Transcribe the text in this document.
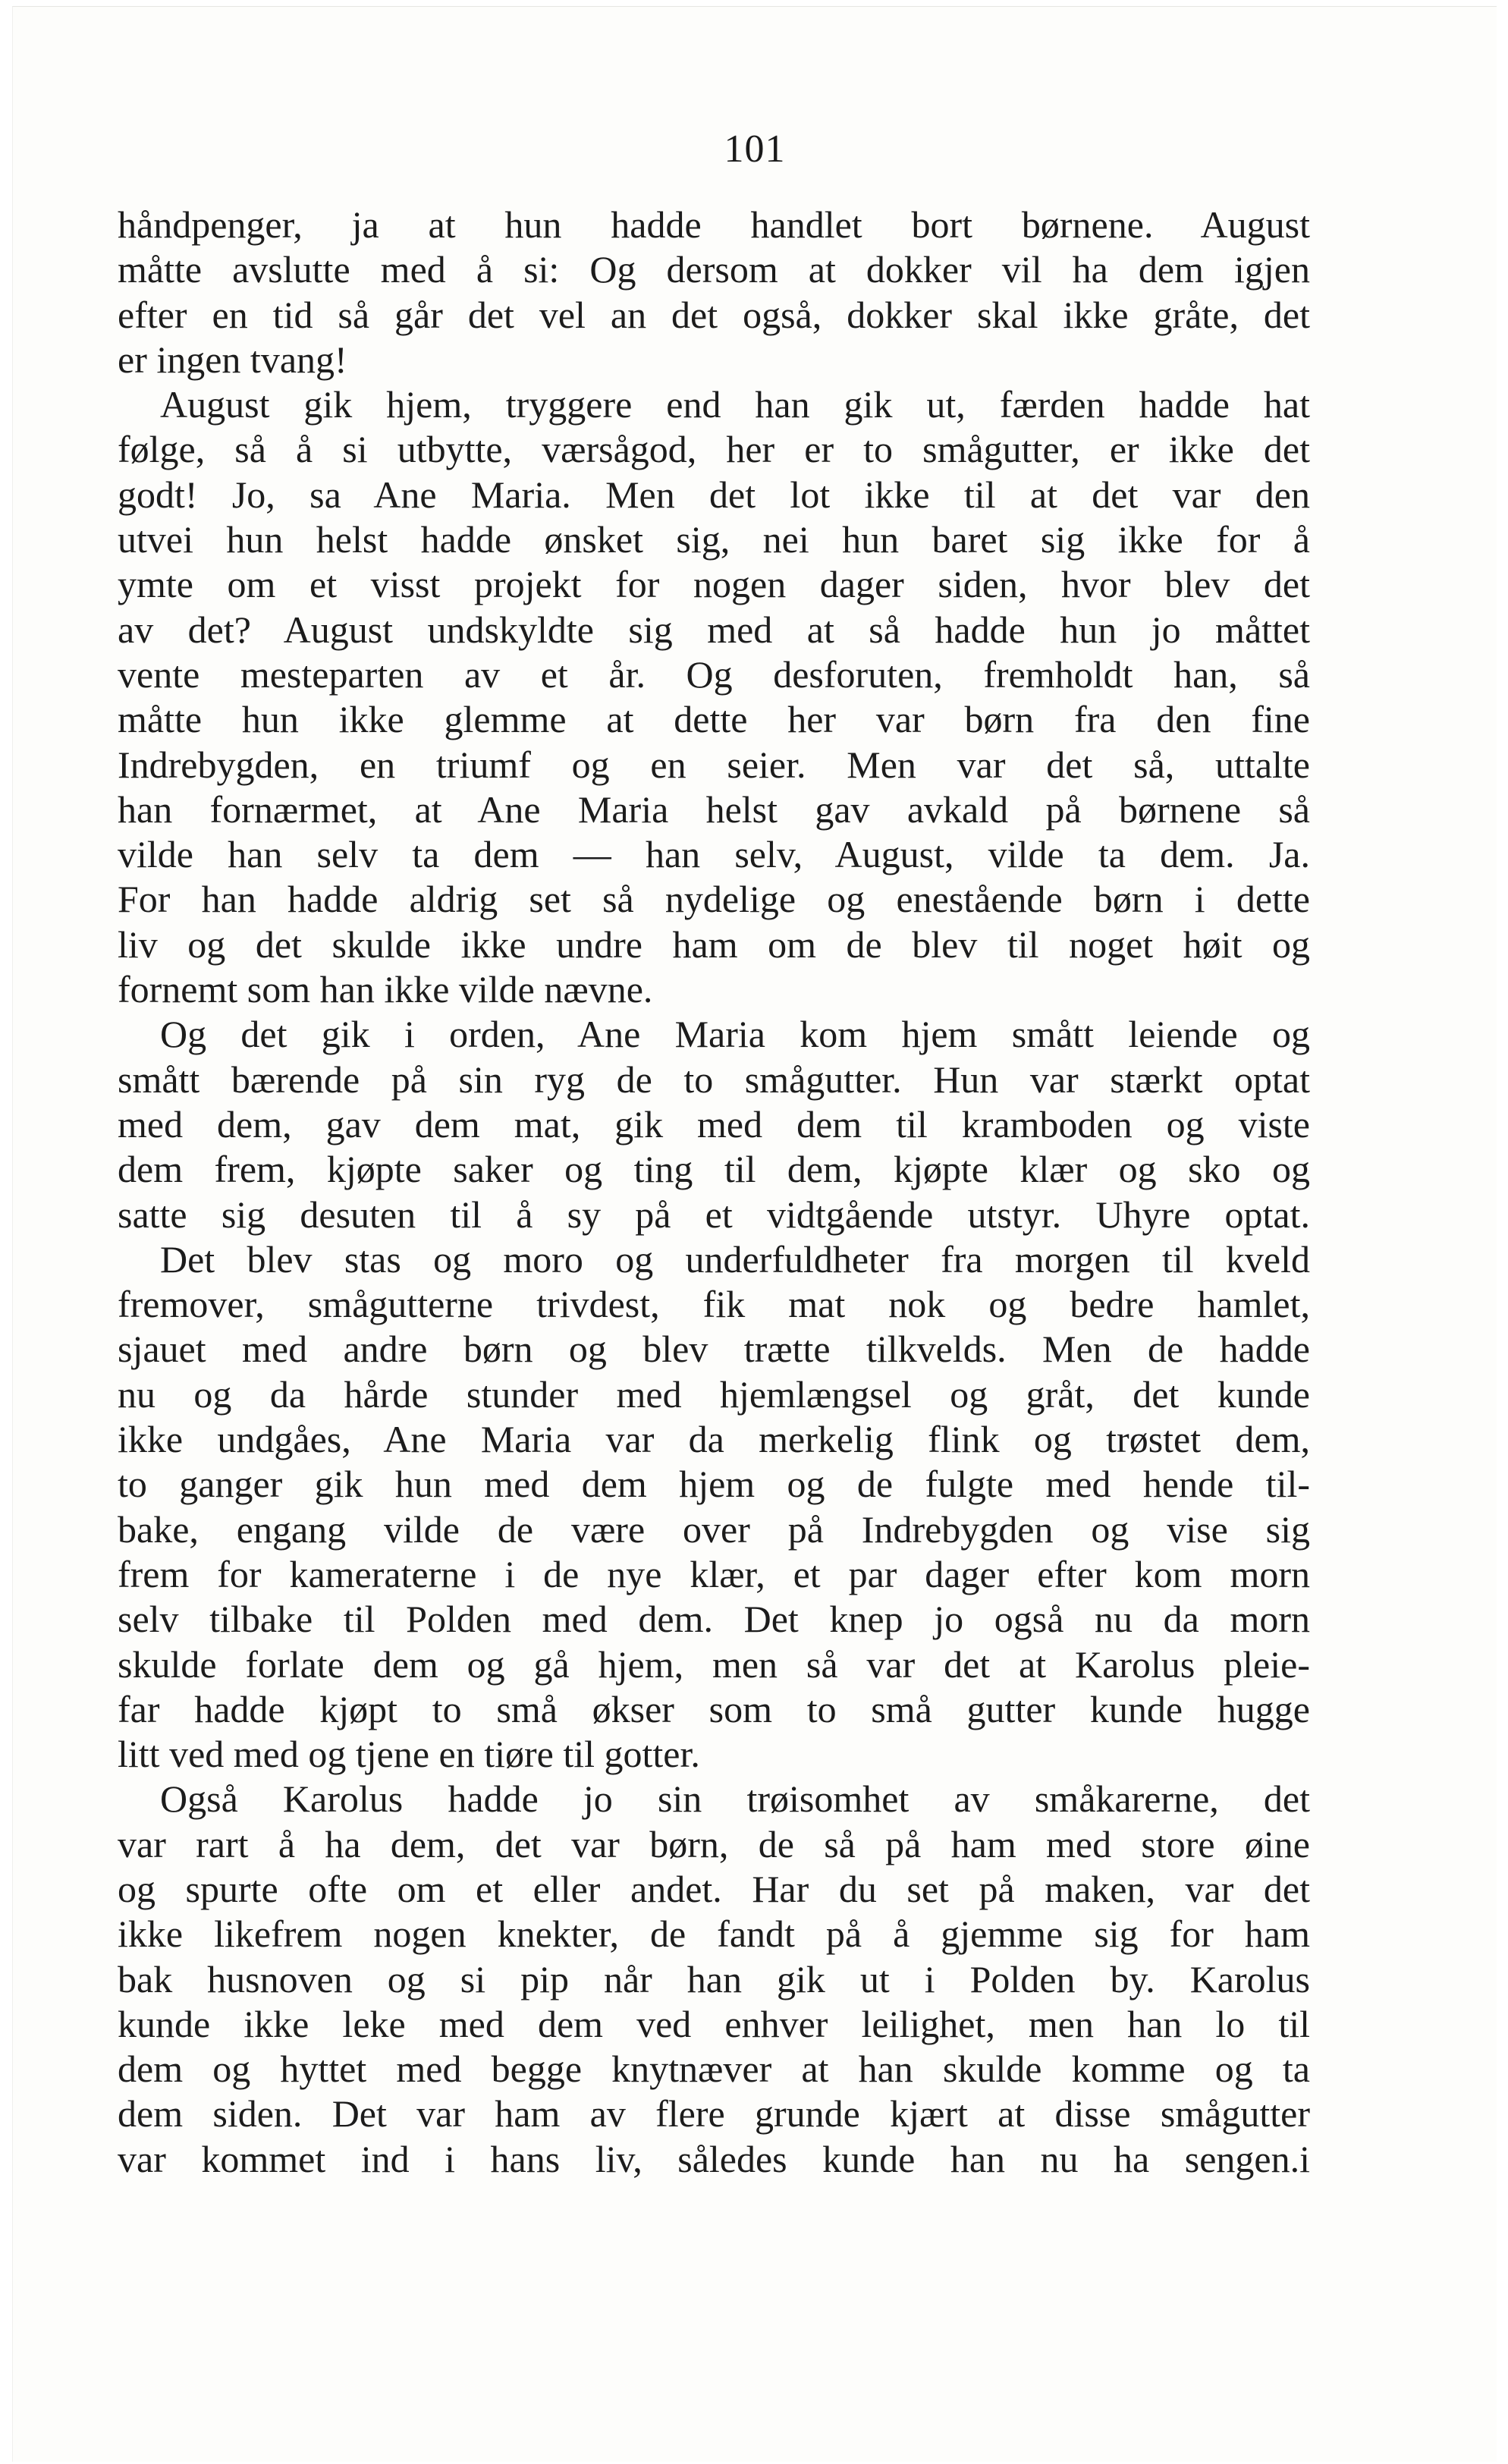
101
håndpenger, ja at hun hadde handlet bort børnene. August
måtte avslutte med å si: Og dersom at dokker vil ha dem igjen
efter en tid så går det vel an det også, dokker skal ikke gråte, det
er ingen tvang!
August gik hjem, tryggere end han gik ut, færden hadde hat
følge, så å si utbytte, værsågod, her er to smågutter, er ikke det
godt! Jo, sa Ane Maria. Men det lot ikke til at det var den
utvei hun helst hadde ønsket sig, nei hun baret sig ikke for å
ymte om et visst projekt for nogen dager siden, hvor blev det
av det? August undskyldte sig med at så hadde hun jo måttet
vente mesteparten av et år. Og desforuten, fremholdt han, så
måtte hun ikke glemme at dette her var børn fra den fine
Indrebygden, en triumf og en seier. Men var det så, uttalte
han fornærmet, at Ane Maria helst gav avkald på børnene så
vilde han selv ta dem — han selv, August, vilde ta dem. Ja.
For han hadde aldrig set så nydelige og enestående børn i dette
liv og det skulde ikke undre ham om de blev til noget høit og
fornemt som han ikke vilde nævne.
Og det gik i orden, Ane Maria kom hjem smått leiende og
smått bærende på sin ryg de to smågutter. Hun var stærkt optat
med dem, gav dem mat, gik med dem til kramboden og viste
dem frem, kjøpte saker og ting til dem, kjøpte klær og sko og
satte sig desuten til å sy på et vidtgående utstyr. Uhyre optat.
Det blev stas og moro og underfuldheter fra morgen til kveld
fremover, smågutterne trivdest, fik mat nok og bedre hamlet,
sjauet med andre børn og blev trætte tilkvelds. Men de hadde
nu og da hårde stunder med hjemlængsel og gråt, det kunde
ikke undgåes, Ane Maria var da merkelig flink og trøstet dem,
to ganger gik hun med dem hjem og de fulgte med hende til-
bake, engang vilde de være over på Indrebygden og vise sig
frem for kameraterne i de nye klær, et par dager efter kom morn
selv tilbake til Polden med dem. Det knep jo også nu da morn
skulde forlate dem og gå hjem, men så var det at Karolus pleie-
far hadde kjøpt to små økser som to små gutter kunde hugge
litt ved med og tjene en tiøre til gotter.
Også Karolus hadde jo sin trøisomhet av småkarerne, det
var rart å ha dem, det var børn, de så på ham med store øine
og spurte ofte om et eller andet. Har du set på maken, var det
ikke likefrem nogen knekter, de fandt på å gjemme sig for ham
bak husnoven og si pip når han gik ut i Polden by. Karolus
kunde ikke leke med dem ved enhver leilighet, men han lo til
dem og hyttet med begge knytnæver at han skulde komme og ta
dem siden. Det var ham av flere grunde kjært at disse smågutter
var kommet ind i hans liv, således kunde han nu ha sengen.i
